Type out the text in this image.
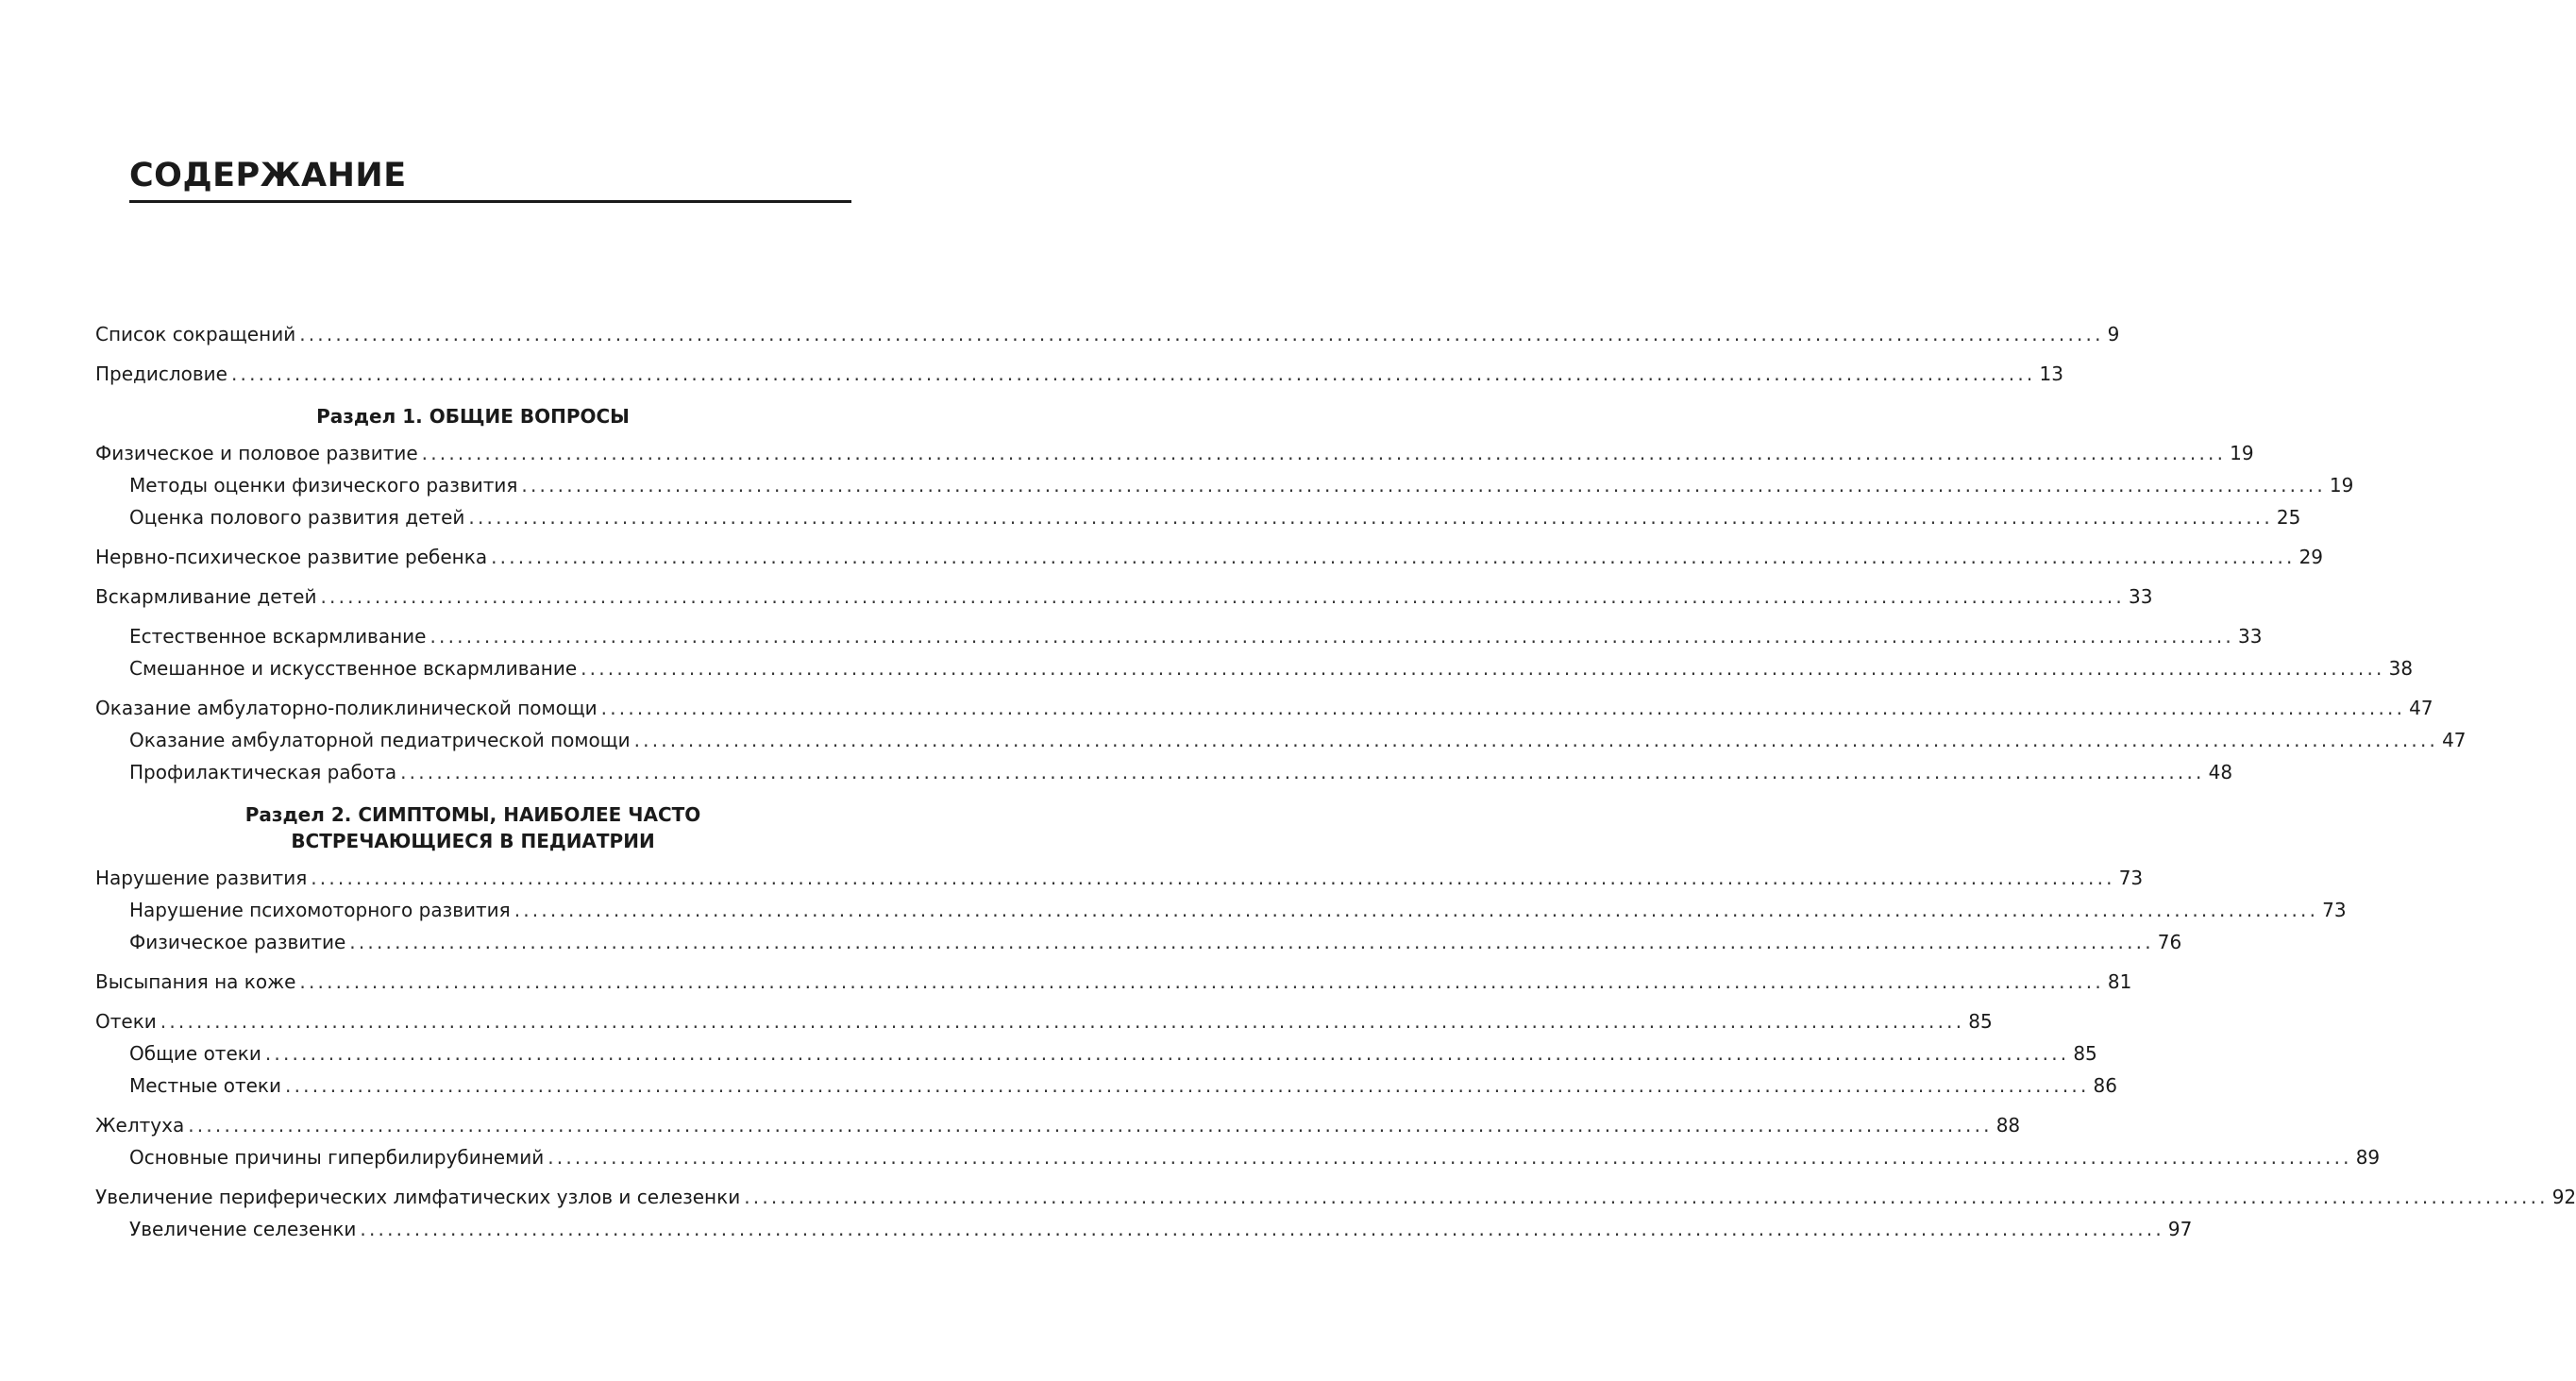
СОДЕРЖАНИЕ
Список сокращений ........................................................................................................................................................................................................ 9
Предисловие ........................................................................................................................................................................................................ 13
Раздел 1. ОБЩИЕ ВОПРОСЫ
Физическое и половое развитие ........................................................................................................................................................................................................ 19
Методы оценки физического развития ........................................................................................................................................................................................................ 19
Оценка полового развития детей ........................................................................................................................................................................................................ 25
Нервно-психическое развитие ребенка ........................................................................................................................................................................................................ 29
Вскармливание детей ........................................................................................................................................................................................................ 33
Естественное вскармливание ........................................................................................................................................................................................................ 33
Смешанное и искусственное вскармливание ........................................................................................................................................................................................................ 38
Оказание амбулаторно-поликлинической помощи ........................................................................................................................................................................................................ 47
Оказание амбулаторной педиатрической помощи ........................................................................................................................................................................................................ 47
Профилактическая работа ........................................................................................................................................................................................................ 48
Раздел 2. СИМПТОМЫ, НАИБОЛЕЕ ЧАСТО
ВСТРЕЧАЮЩИЕСЯ В ПЕДИАТРИИ
Нарушение развития ........................................................................................................................................................................................................ 73
Нарушение психомоторного развития ........................................................................................................................................................................................................ 73
Физическое развитие ........................................................................................................................................................................................................ 76
Высыпания на коже ........................................................................................................................................................................................................ 81
Отеки ........................................................................................................................................................................................................ 85
Общие отеки ........................................................................................................................................................................................................ 85
Местные отеки ........................................................................................................................................................................................................ 86
Желтуха ........................................................................................................................................................................................................ 88
Основные причины гипербилирубинемий ........................................................................................................................................................................................................ 89
Увеличение периферических лимфатических узлов и селезенки ........................................................................................................................................................................................................ 92
Увеличение селезенки ........................................................................................................................................................................................................ 97
